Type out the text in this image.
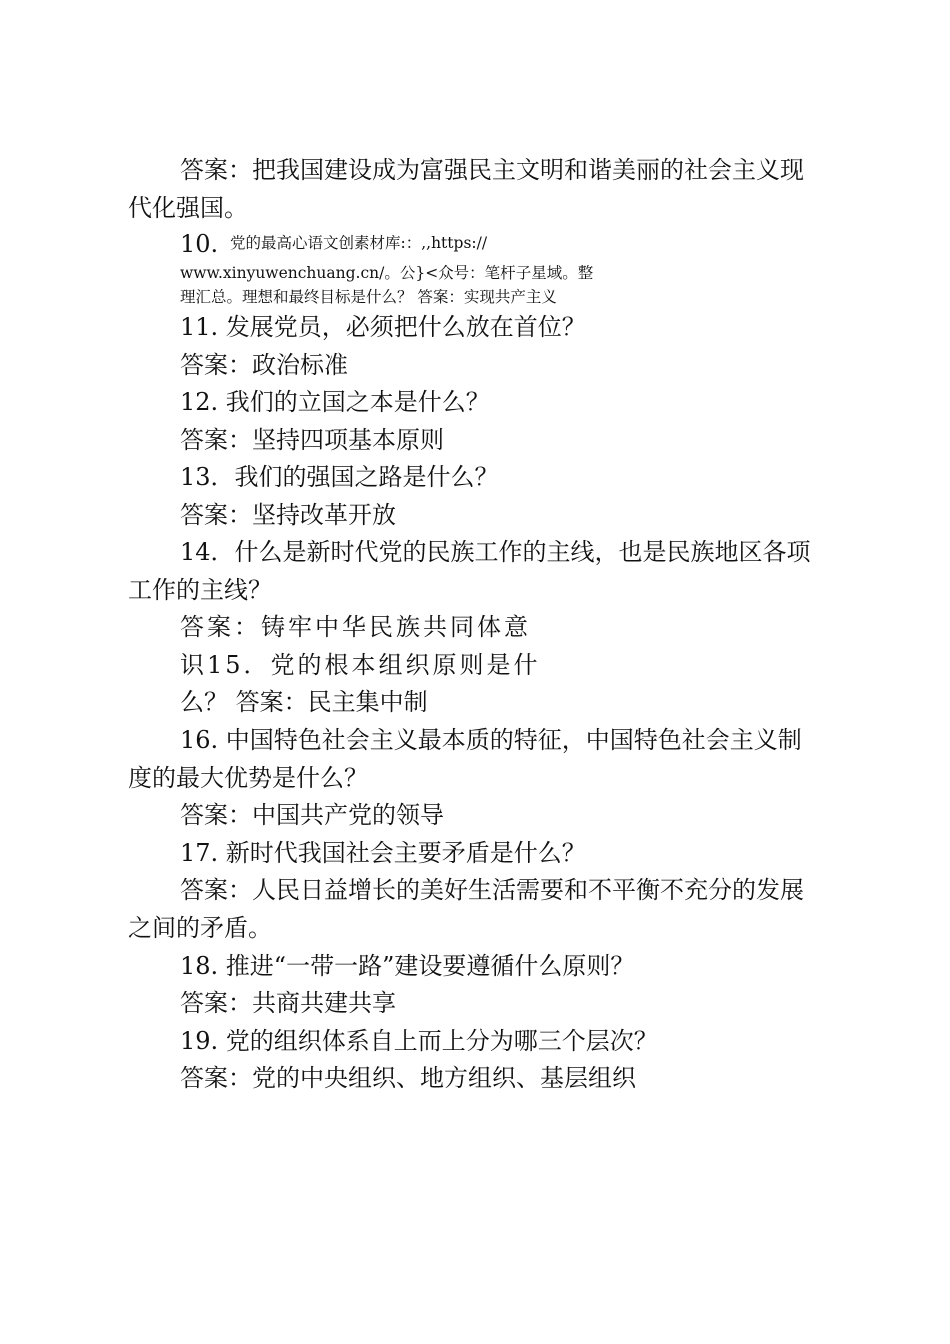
答案：把我国建设成为富强民主文明和谐美丽的社会主义现
代化强国。
10. 党的最高心语文创素材库:：,,https://
www.xinyuwenchuang.cn/。公}<众号：笔杆子星域。整
理汇总。理想和最终目标是什么？ 答案：实现共产主义
11. 发展党员，必须把什么放在首位？
答案：政治标准
12. 我们的立国之本是什么？
答案：坚持四项基本原则
13．我们的强国之路是什么？
答案：坚持改革开放
14．什么是新时代党的民族工作的主线，也是民族地区各项
工作的主线？
答案：铸牢中华民族共同体意
识15．党的根本组织原则是什
么？ 答案：民主集中制
16. 中国特色社会主义最本质的特征，中国特色社会主义制
度的最大优势是什么？
答案：中国共产党的领导
17. 新时代我国社会主要矛盾是什么？
答案：人民日益增长的美好生活需要和不平衡不充分的发展
之间的矛盾。
18. 推进“一带一路”建设要遵循什么原则？
答案：共商共建共享
19. 党的组织体系自上而上分为哪三个层次？
答案：党的中央组织、地方组织、基层组织
